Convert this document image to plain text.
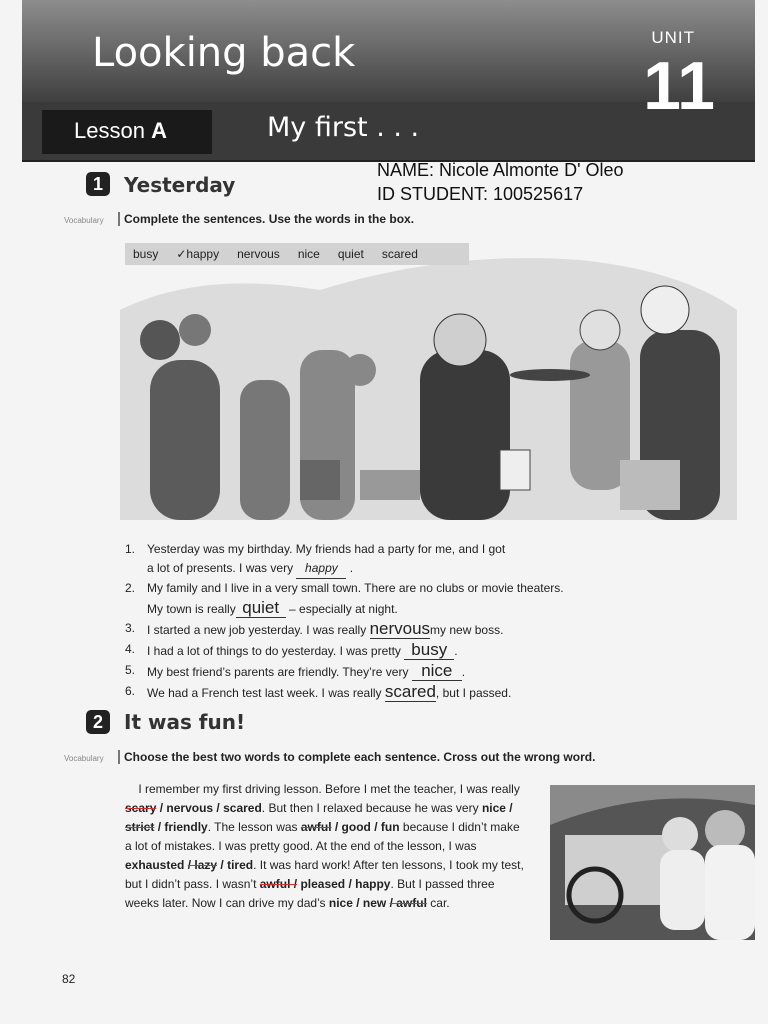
Looking back	UNIT
11
Lesson A	My first . . .
NAME: Nicole Almonte D' Oleo
ID STUDENT: 100525617
1	Yesterday
Vocabulary	Complete the sentences. Use the words in the box.
busy ✓happy nervous nice quiet scared
1. Yesterday was my birthday. My friends had a party for me, and I got
a lot of presents. I was very happy .
2. My family and I live in a very small town. There are no clubs or movie theaters.
My town is really quiet – especially at night.
3. I started a new job yesterday. I was really nervousmy new boss.
4. I had a lot of things to do yesterday. I was pretty busy .
5. My best friend’s parents are friendly. They’re very nice .
6. We had a French test last week. I was really scared, but I passed.
2	It was fun!
Vocabulary	Choose the best two words to complete each sentence. Cross out the wrong word.
I remember my first driving lesson. Before I met the teacher, I was really scary / nervous / scared. But then I relaxed because he was very nice / strict / friendly. The lesson was awful / good / fun because I didn’t make a lot of mistakes. I was pretty good. At the end of the lesson, I was exhausted / lazy / tired. It was hard work! After ten lessons, I took my test, but I didn’t pass. I wasn’t awful / pleased / happy. But I passed three weeks later. Now I can drive my dad’s nice / new / awful car.
82
